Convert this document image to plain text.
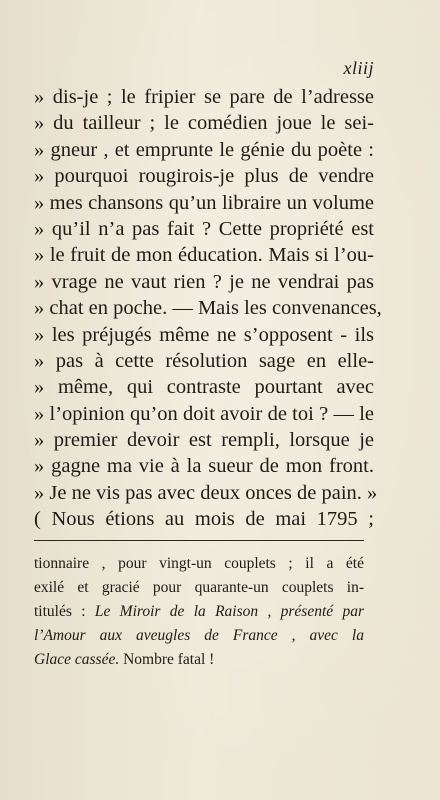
xliij
» dis-je ; le fripier se pare de l’adresse
» du tailleur ; le comédien joue le sei-
» gneur , et emprunte le génie du poète :
» pourquoi rougirois-je plus de vendre
» mes chansons qu’un libraire un volume
» qu’il n’a pas fait ? Cette propriété est
» le fruit de mon éducation. Mais si l’ou-
» vrage ne vaut rien ? je ne vendrai pas
» chat en poche. — Mais les convenances,
» les préjugés même ne s’opposent - ils
» pas à cette résolution sage en elle-
» même, qui contraste pourtant avec
» l’opinion qu’on doit avoir de toi ? — le
» premier devoir est rempli, lorsque je
» gagne ma vie à la sueur de mon front.
» Je ne vis pas avec deux onces de pain. »
( Nous étions au mois de mai 1795 ;
tionnaire , pour vingt-un couplets ; il a été
exilé et gracié pour quarante-un couplets in-
titulés : Le Miroir de la Raison , présenté par
l’Amour aux aveugles de France , avec la
Glace cassée. Nombre fatal !
